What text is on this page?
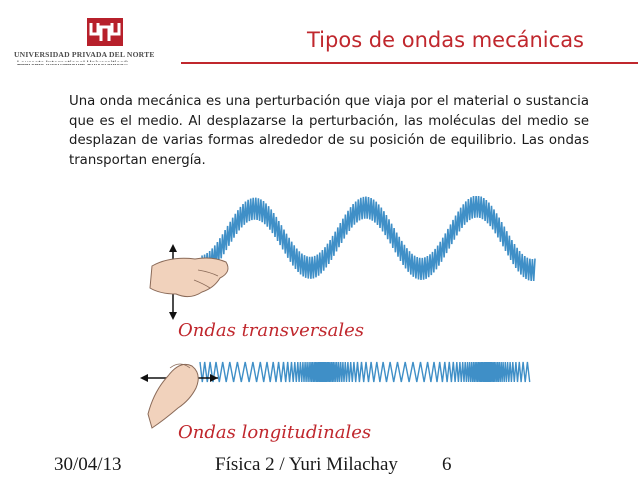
UNIVERSIDAD PRIVADA DEL NORTE
Tipos de ondas mecánicas
Una onda mecánica es una perturbación que viaja por el material o sustancia que es el medio. Al desplazarse la perturbación, las moléculas del medio se desplazan de varias formas alrededor de su posición de equilibrio. Las ondas transportan energía.
Ondas transversales
Ondas longitudinales
30/04/13	Física 2 / Yuri Milachay 6
